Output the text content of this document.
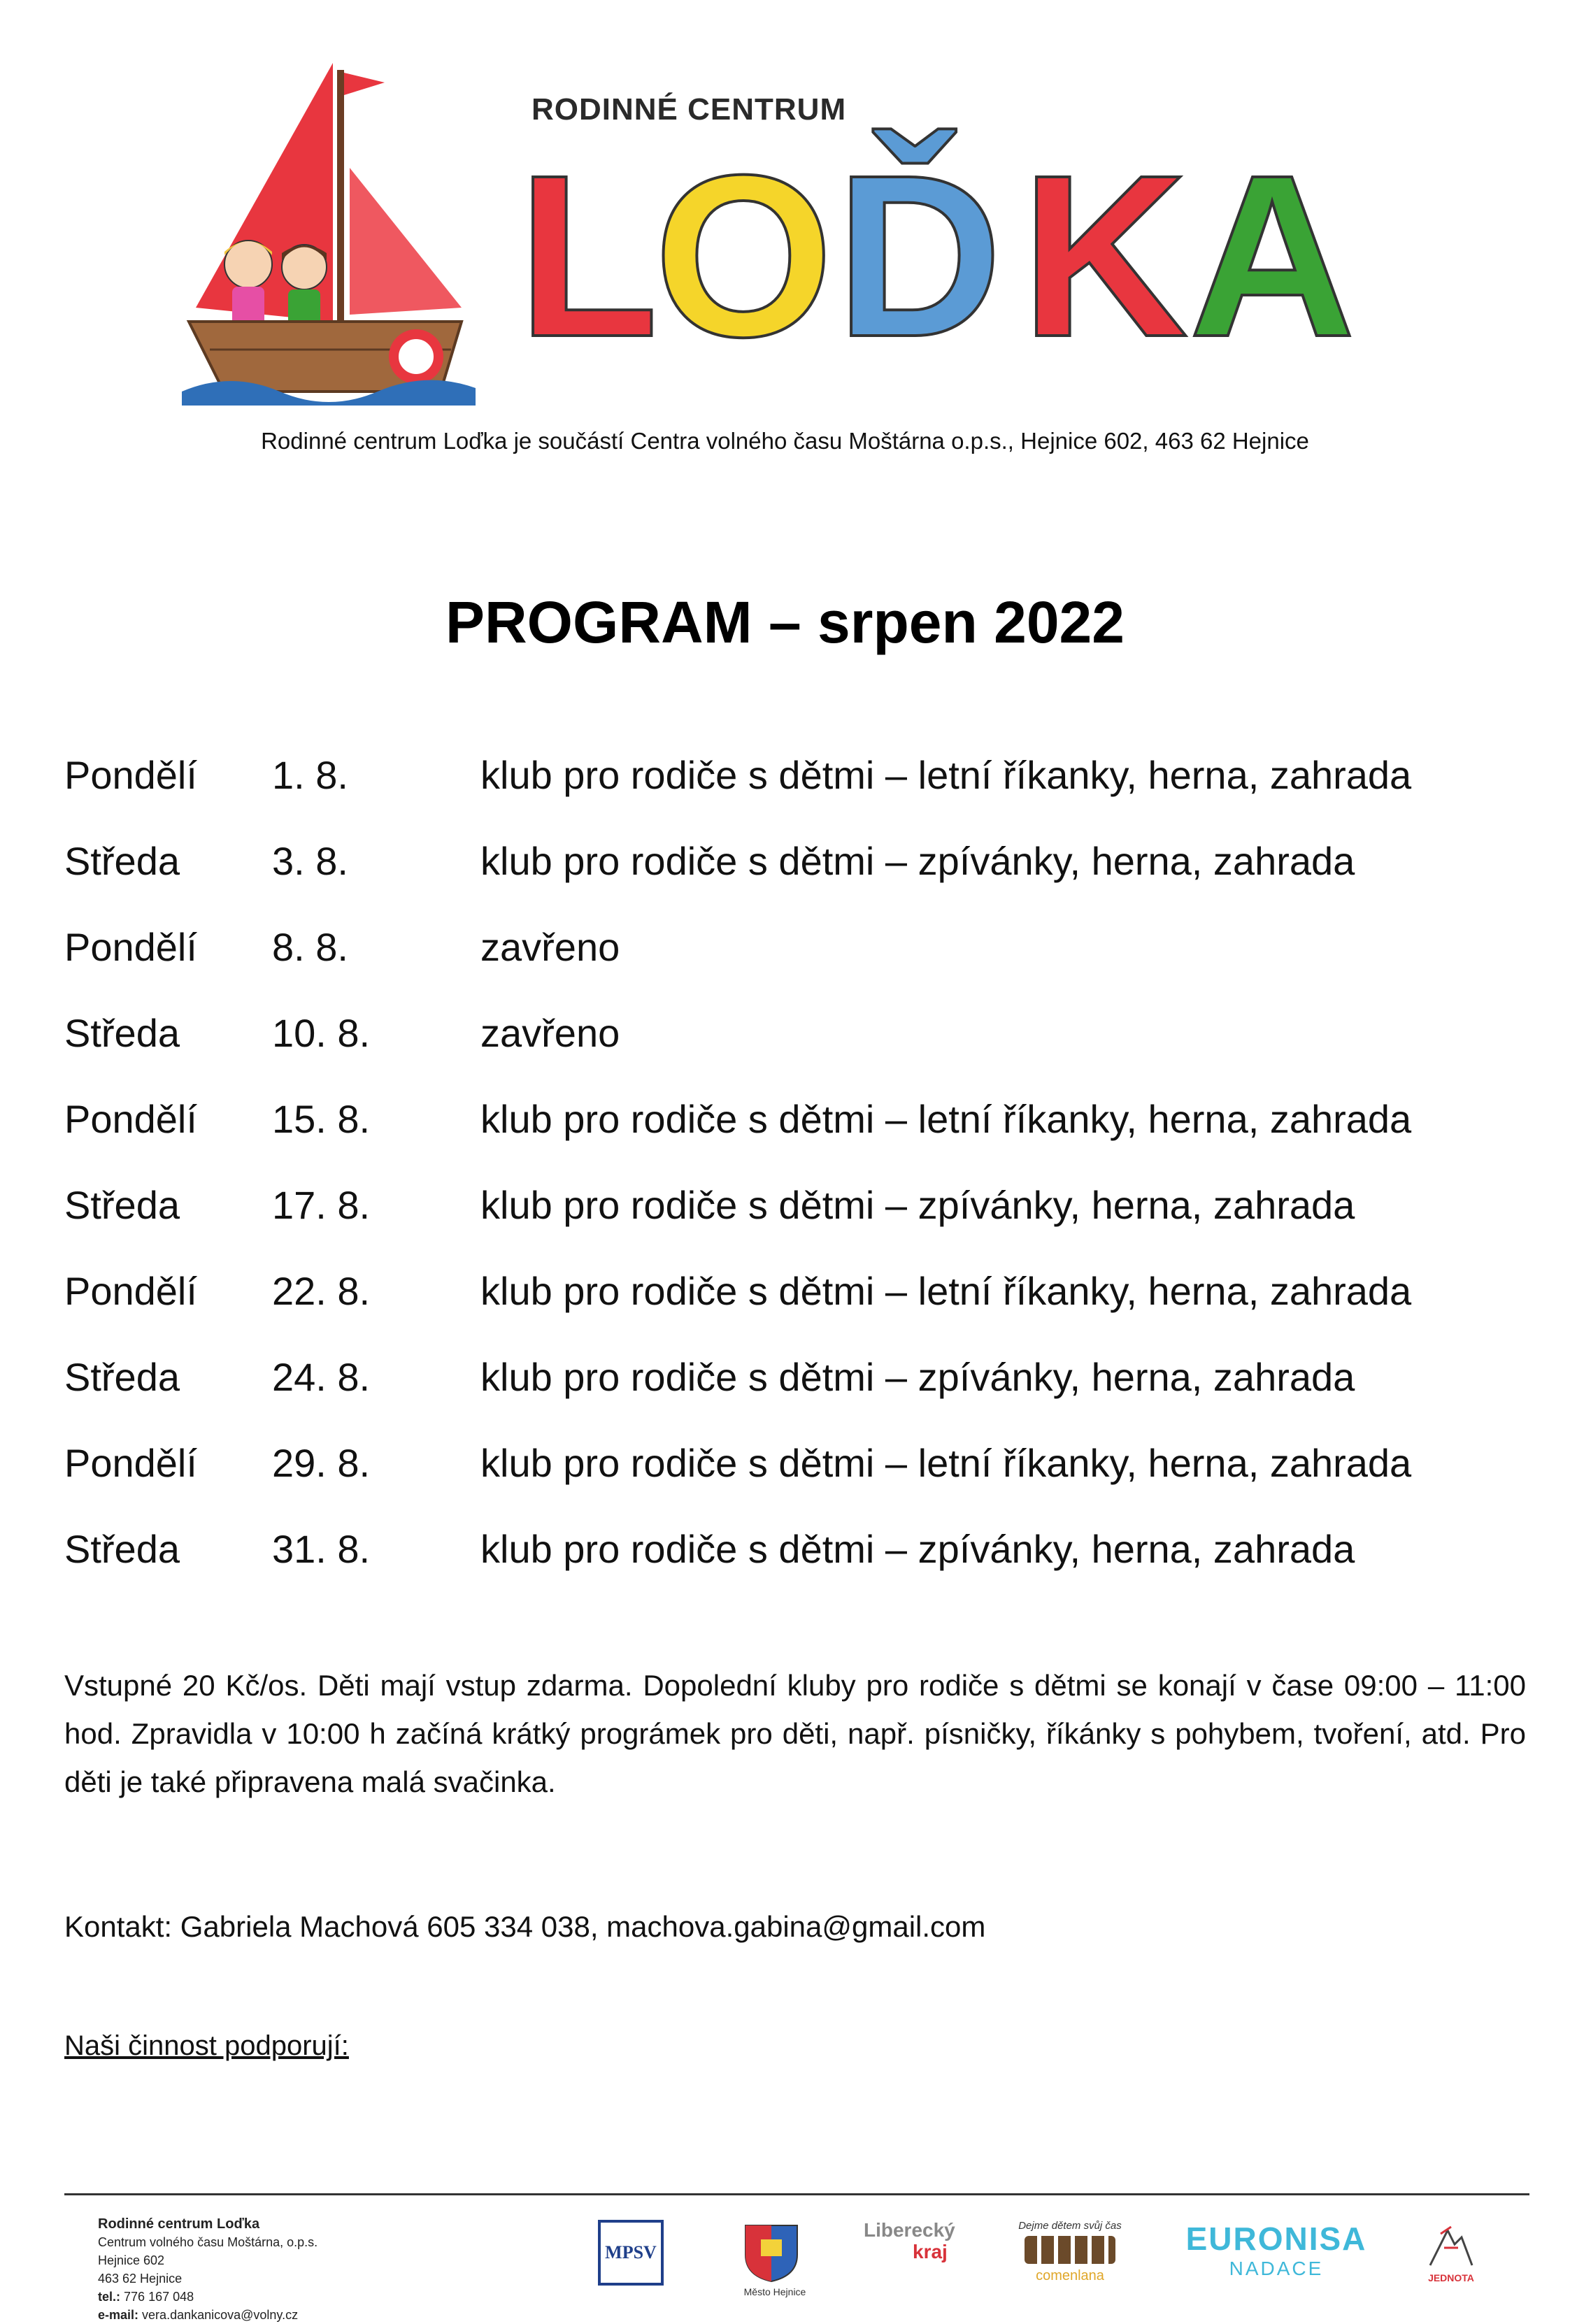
RODINNÉ CENTRUM
L
O Ď K A
Rodinné centrum Loďka je součástí Centra volného času Moštárna o.p.s., Hejnice 602, 463 62 Hejnice
PROGRAM – srpen 2022
Pondělí 1. 8.	klub pro rodiče s dětmi – letní říkanky, herna, zahrada
Středa 3. 8.	klub pro rodiče s dětmi – zpívánky, herna, zahrada
Pondělí 8. 8.	zavřeno
Středa 10. 8.	zavřeno
Pondělí 15. 8.	klub pro rodiče s dětmi – letní říkanky, herna, zahrada
Středa 17. 8.	klub pro rodiče s dětmi – zpívánky, herna, zahrada
Pondělí 22. 8.	klub pro rodiče s dětmi – letní říkanky, herna, zahrada
Středa 24. 8.	klub pro rodiče s dětmi – zpívánky, herna, zahrada
Pondělí 29. 8.	klub pro rodiče s dětmi – letní říkanky, herna, zahrada
Středa 31. 8.	klub pro rodiče s dětmi – zpívánky, herna, zahrada
Vstupné 20 Kč/os. Děti mají vstup zdarma. Dopolední kluby pro rodiče s dětmi se konají v čase 09:00 – 11:00 hod. Zpravidla v 10:00 h začíná krátký prográmek pro děti, např. písničky, říkánky s pohybem, tvoření, atd. Pro děti je také připravena malá svačinka.
Kontakt: Gabriela Machová 605 334 038, machova.gabina@gmail.com
Naši činnost podporují:
Rodinné centrum Loďka
Centrum volného času Moštárna, o.p.s.
Hejnice 602
463 62 Hejnice
tel.: 776 167 048
e-mail: vera.dankanicova@volny.cz
MPSV
Město Hejnice
Liberecký
kraj
Dejme dětem svůj čas
comenlana
EURONISA
NADACE	JEDNOTA
